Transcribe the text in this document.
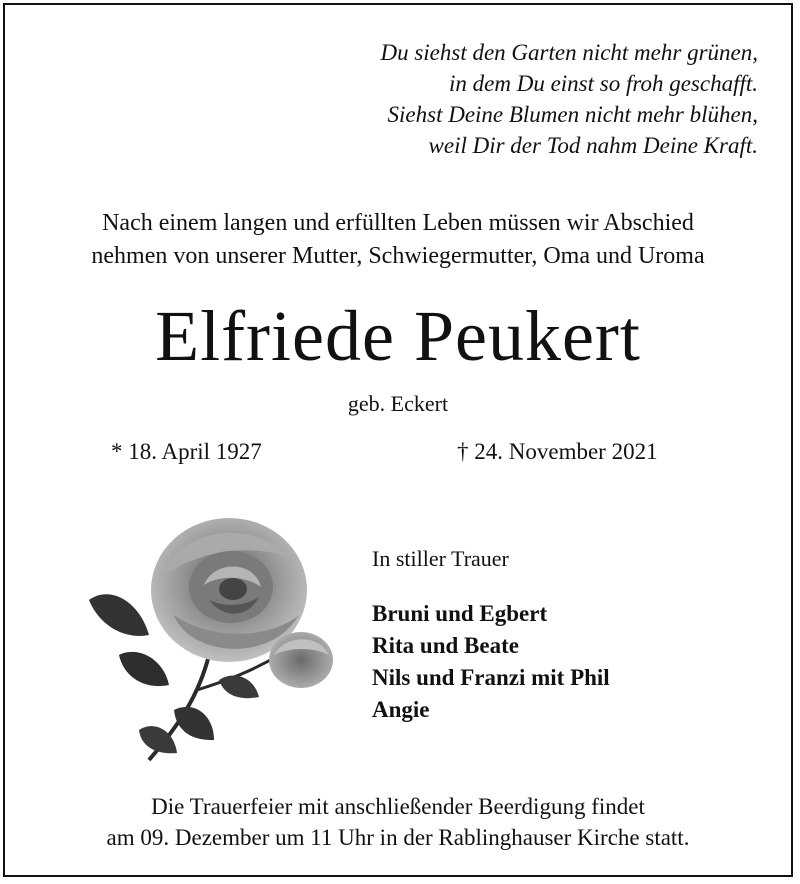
Du siehst den Garten nicht mehr grünen,
in dem Du einst so froh geschafft.
Siehst Deine Blumen nicht mehr blühen,
weil Dir der Tod nahm Deine Kraft.
Nach einem langen und erfüllten Leben müssen wir Abschied
nehmen von unserer Mutter, Schwiegermutter, Oma und Uroma
Elfriede Peukert
geb. Eckert
* 18. April 1927	† 24. November 2021
In stiller Trauer
Bruni und Egbert
Rita und Beate
Nils und Franzi mit Phil
Angie
Die Trauerfeier mit anschließender Beerdigung findet
am 09. Dezember um 11 Uhr in der Rablinghauser Kirche statt.
